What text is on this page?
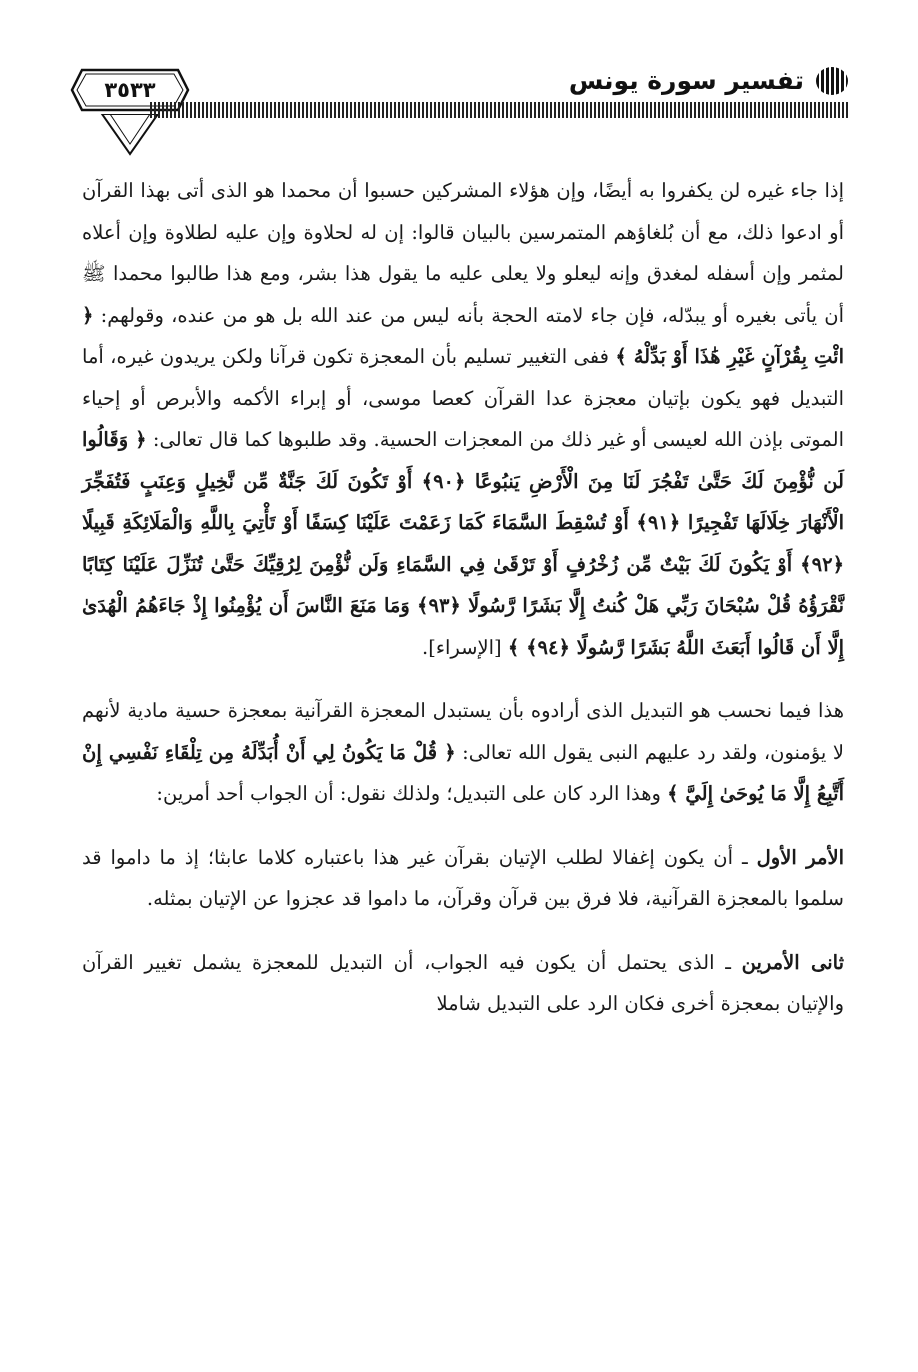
٣٥٣٣	تفسير سورة يونس

إذا جاء غيره لن يكفروا به أيضًا، وإن هؤلاء المشركين حسبوا أن محمدا هو الذى أتى بهذا القرآن أو ادعوا ذلك، مع أن بُلغاؤهم المتمرسين بالبيان قالوا: إن له لحلاوة وإن عليه لطلاوة وإن أعلاه لمثمر وإن أسفله لمغدق وإنه ليعلو ولا يعلى عليه ما يقول هذا بشر، ومع هذا طالبوا محمدا ﷺ أن يأتى بغيره أو يبدّله، فإن جاء لامته الحجة بأنه ليس من عند الله بل هو من عنده، وقولهم: ﴿ ائْتِ بِقُرْآنٍ غَيْرِ هَٰذَا أَوْ بَدِّلْهُ ﴾ ففى التغيير تسليم بأن المعجزة تكون قرآنا ولكن يريدون غيره، أما التبديل فهو يكون بإتيان معجزة عدا القرآن كعصا موسى، أو إبراء الأكمه والأبرص أو إحياء الموتى بإذن الله لعيسى أو غير ذلك من المعجزات الحسية. وقد طلبوها كما قال تعالى: ﴿ وَقَالُوا لَن نُّؤْمِنَ لَكَ حَتَّىٰ تَفْجُرَ لَنَا مِنَ الْأَرْضِ يَنبُوعًا ﴿٩٠﴾ أَوْ تَكُونَ لَكَ جَنَّةٌ مِّن نَّخِيلٍ وَعِنَبٍ فَتُفَجِّرَ الْأَنْهَارَ خِلَالَهَا تَفْجِيرًا ﴿٩١﴾ أَوْ تُسْقِطَ السَّمَاءَ كَمَا زَعَمْتَ عَلَيْنَا كِسَفًا أَوْ تَأْتِيَ بِاللَّهِ وَالْمَلَائِكَةِ قَبِيلًا ﴿٩٢﴾ أَوْ يَكُونَ لَكَ بَيْتٌ مِّن زُخْرُفٍ أَوْ تَرْقَىٰ فِي السَّمَاءِ وَلَن نُّؤْمِنَ لِرُقِيِّكَ حَتَّىٰ تُنَزِّلَ عَلَيْنَا كِتَابًا نَّقْرَؤُهُ قُلْ سُبْحَانَ رَبِّي هَلْ كُنتُ إِلَّا بَشَرًا رَّسُولًا ﴿٩٣﴾ وَمَا مَنَعَ النَّاسَ أَن يُؤْمِنُوا إِذْ جَاءَهُمُ الْهُدَىٰ إِلَّا أَن قَالُوا أَبَعَثَ اللَّهُ بَشَرًا رَّسُولًا ﴿٩٤﴾ ﴾ [الإسراء].

هذا فيما نحسب هو التبديل الذى أرادوه بأن يستبدل المعجزة القرآنية بمعجزة حسية مادية لأنهم لا يؤمنون، ولقد رد عليهم النبى يقول الله تعالى: ﴿ قُلْ مَا يَكُونُ لِي أَنْ أُبَدِّلَهُ مِن تِلْقَاءِ نَفْسِي إِنْ أَتَّبِعُ إِلَّا مَا يُوحَىٰ إِلَيَّ ﴾ وهذا الرد كان على التبديل؛ ولذلك نقول: أن الجواب أحد أمرين:

الأمر الأول ـ أن يكون إغفالا لطلب الإتيان بقرآن غير هذا باعتباره كلاما عابثا؛ إذ ما داموا قد سلموا بالمعجزة القرآنية، فلا فرق بين قرآن وقرآن، ما داموا قد عجزوا عن الإتيان بمثله.

ثانى الأمرين ـ الذى يحتمل أن يكون فيه الجواب، أن التبديل للمعجزة يشمل تغيير القرآن والإتيان بمعجزة أخرى فكان الرد على التبديل شاملا
